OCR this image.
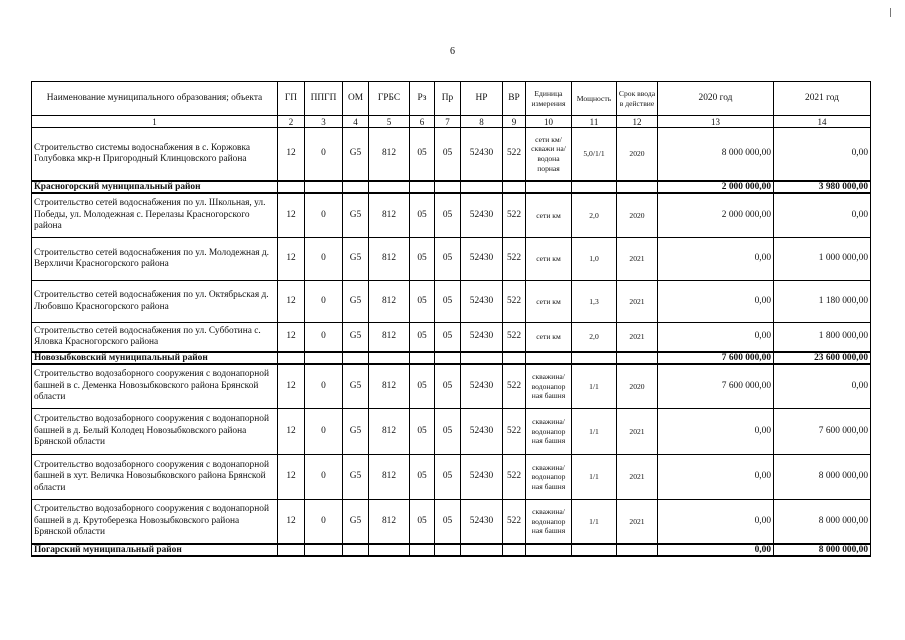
6
Наименование муниципального образования; объекта	ГП	ППГП	ОМ	ГРБС	Рз	Пр	НР	ВР	Единица измерения	Мощность	Срок ввода в действие	2020 год	2021 год
1	2	3	4	5	6	7	8	9	10	11	12	13	14
Строительство системы водоснабжения в с. Коржовка Голубовка мкр-н Пригородный Клинцовского района	12	0	G5	812	05	05	52430	522	сети км/скважи на/водона порная	5,0/1/1	2020	8 000 000,00	0,00
Красногорский муниципальный район												2 000 000,00	3 980 000,00
Строительство сетей водоснабжения по ул. Школьная, ул. Победы, ул. Молодежная с. Перелазы Красногорского района	12	0	G5	812	05	05	52430	522	сети км	2,0	2020	2 000 000,00	0,00
Строительство сетей водоснабжения по ул. Молодежная д. Верхличи Красногорского района	12	0	G5	812	05	05	52430	522	сети км	1,0	2021	0,00	1 000 000,00
Строительство сетей водоснабжения по ул. Октябрьская д. Любовшо Красногорского района	12	0	G5	812	05	05	52430	522	сети км	1,3	2021	0,00	1 180 000,00
Строительство сетей водоснабжения по ул. Субботина с. Яловка Красногорского района	12	0	G5	812	05	05	52430	522	сети км	2,0	2021	0,00	1 800 000,00
Новозыбковский муниципальный район												7 600 000,00	23 600 000,00
Строительство водозаборного сооружения с водонапорной башней в с. Деменка Новозыбковского района Брянской области	12	0	G5	812	05	05	52430	522	скважина/ водонапор ная башня	1/1	2020	7 600 000,00	0,00
Строительство водозаборного сооружения с водонапорной башней в д. Белый Колодец Новозыбковского района Брянской области	12	0	G5	812	05	05	52430	522	скважина/ водонапор ная башня	1/1	2021	0,00	7 600 000,00
Строительство водозаборного сооружения с водонапорной башней в хут. Величка Новозыбковского района Брянской области	12	0	G5	812	05	05	52430	522	скважина/ водонапор ная башня	1/1	2021	0,00	8 000 000,00
Строительство водозаборного сооружения с водонапорной башней в д. Крутоберезка Новозыбковского района Брянской области	12	0	G5	812	05	05	52430	522	скважина/ водонапор ная башня	1/1	2021	0,00	8 000 000,00
Погарский муниципальный район												0,00	8 000 000,00
